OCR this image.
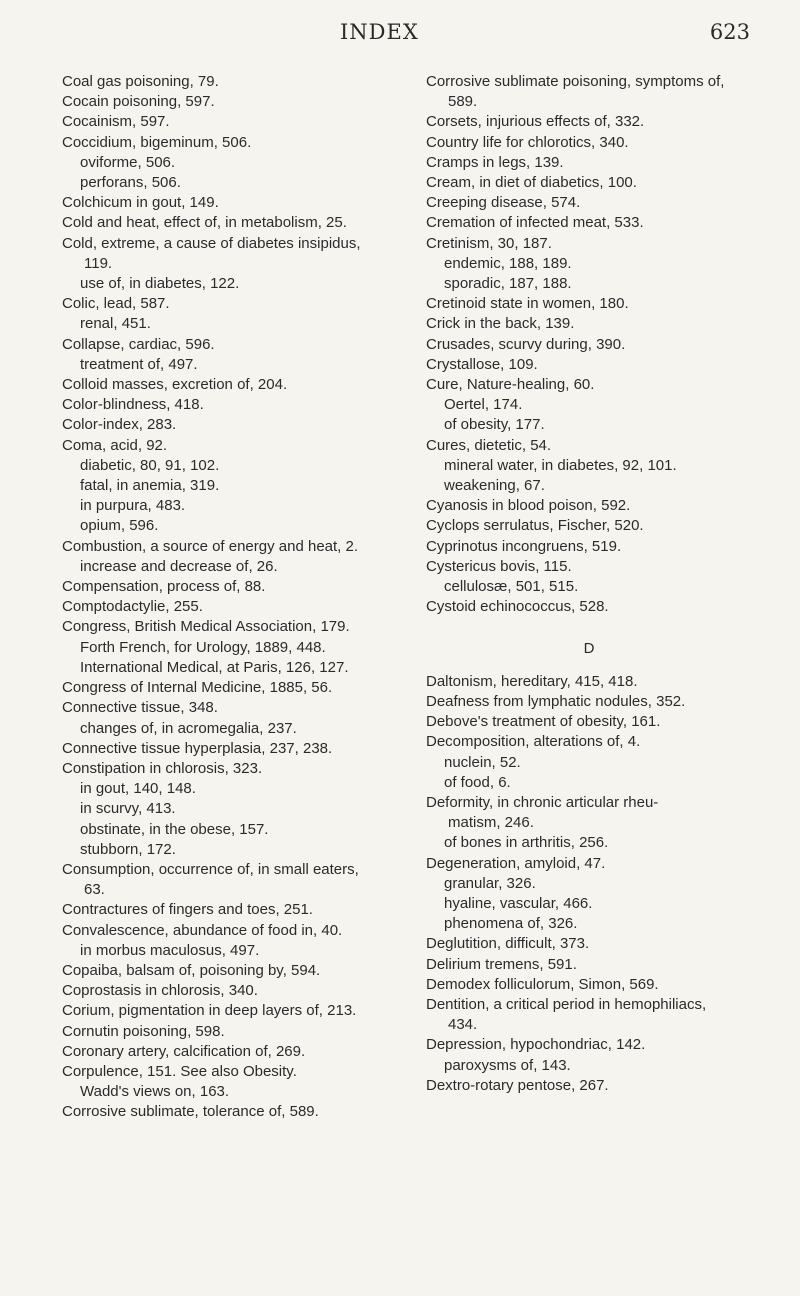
INDEX	623
Coal gas poisoning, 79.
Cocain poisoning, 597.
Cocainism, 597.
Coccidium, bigeminum, 506.
oviforme, 506.
perforans, 506.
Colchicum in gout, 149.
Cold and heat, effect of, in metabolism, 25.
Cold, extreme, a cause of diabetes insipidus,
119.
use of, in diabetes, 122.
Colic, lead, 587.
renal, 451.
Collapse, cardiac, 596.
treatment of, 497.
Colloid masses, excretion of, 204.
Color-blindness, 418.
Color-index, 283.
Coma, acid, 92.
diabetic, 80, 91, 102.
fatal, in anemia, 319.
in purpura, 483.
opium, 596.
Combustion, a source of energy and heat, 2.
increase and decrease of, 26.
Compensation, process of, 88.
Comptodactylie, 255.
Congress, British Medical Association, 179.
Forth French, for Urology, 1889, 448.
International Medical, at Paris, 126, 127.
Congress of Internal Medicine, 1885, 56.
Connective tissue, 348.
changes of, in acromegalia, 237.
Connective tissue hyperplasia, 237, 238.
Constipation in chlorosis, 323.
in gout, 140, 148.
in scurvy, 413.
obstinate, in the obese, 157.
stubborn, 172.
Consumption, occurrence of, in small eaters,
63.
Contractures of fingers and toes, 251.
Convalescence, abundance of food in, 40.
in morbus maculosus, 497.
Copaiba, balsam of, poisoning by, 594.
Coprostasis in chlorosis, 340.
Corium, pigmentation in deep layers of, 213.
Cornutin poisoning, 598.
Coronary artery, calcification of, 269.
Corpulence, 151. See also Obesity.
Wadd's views on, 163.
Corrosive sublimate, tolerance of, 589.
Corrosive sublimate poisoning, symptoms of,
589.
Corsets, injurious effects of, 332.
Country life for chlorotics, 340.
Cramps in legs, 139.
Cream, in diet of diabetics, 100.
Creeping disease, 574.
Cremation of infected meat, 533.
Cretinism, 30, 187.
endemic, 188, 189.
sporadic, 187, 188.
Cretinoid state in women, 180.
Crick in the back, 139.
Crusades, scurvy during, 390.
Crystallose, 109.
Cure, Nature-healing, 60.
Oertel, 174.
of obesity, 177.
Cures, dietetic, 54.
mineral water, in diabetes, 92, 101.
weakening, 67.
Cyanosis in blood poison, 592.
Cyclops serrulatus, Fischer, 520.
Cyprinotus incongruens, 519.
Cystericus bovis, 115.
cellulosæ, 501, 515.
Cystoid echinococcus, 528.
D
Daltonism, hereditary, 415, 418.
Deafness from lymphatic nodules, 352.
Debove's treatment of obesity, 161.
Decomposition, alterations of, 4.
nuclein, 52.
of food, 6.
Deformity, in chronic articular rheu-
matism, 246.
of bones in arthritis, 256.
Degeneration, amyloid, 47.
granular, 326.
hyaline, vascular, 466.
phenomena of, 326.
Deglutition, difficult, 373.
Delirium tremens, 591.
Demodex folliculorum, Simon, 569.
Dentition, a critical period in hemophiliacs,
434.
Depression, hypochondriac, 142.
paroxysms of, 143.
Dextro-rotary pentose, 267.
